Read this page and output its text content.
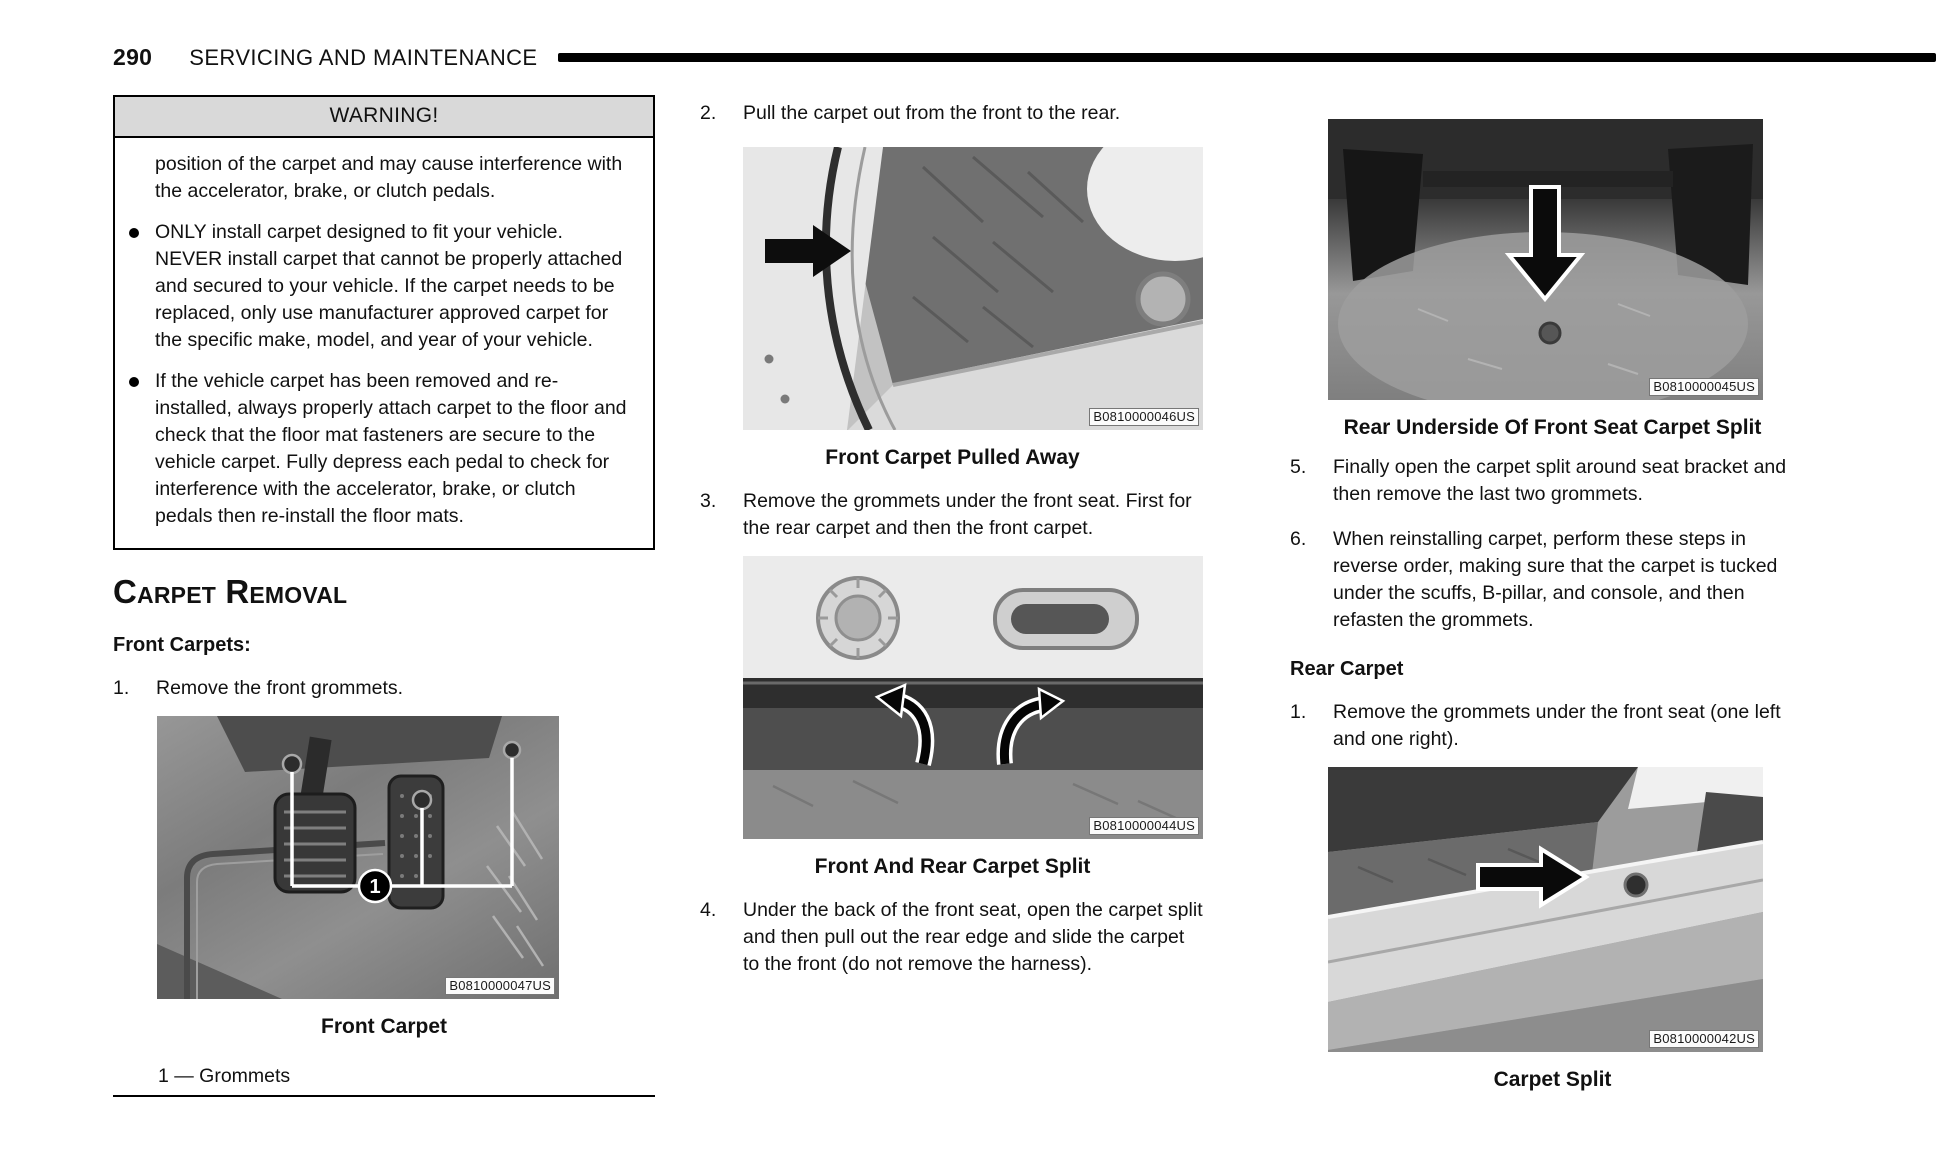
290 SERVICING AND MAINTENANCE
WARNING!

position of the carpet and may cause interference with the accelerator, brake, or clutch pedals.

ONLY install carpet designed to fit your vehicle. NEVER install carpet that cannot be properly attached and secured to your vehicle. If the carpet needs to be replaced, only use manufacturer approved carpet for the specific make, model, and year of your vehicle.
If the vehicle carpet has been removed and re-installed, always properly attach carpet to the floor and check that the floor mat fasteners are secure to the vehicle carpet. Fully depress each pedal to check for interference with the accelerator, brake, or clutch pedals then re-install the floor mats.
Carpet Removal
Front Carpets:
1.	Remove the front grommets.
1
B0810000047US
Front Carpet
1 — Grommets
2.	Pull the carpet out from the front to the rear.
B0810000046US
Front Carpet Pulled Away
3.	Remove the grommets under the front seat. First for the rear carpet and then the front carpet.
B0810000044US
Front And Rear Carpet Split
4.	Under the back of the front seat, open the carpet split and then pull out the rear edge and slide the carpet to the front (do not remove the harness).
B0810000045US
Rear Underside Of Front Seat Carpet Split
5.	Finally open the carpet split around seat bracket and then remove the last two grommets.
6.	When reinstalling carpet, perform these steps in reverse order, making sure that the carpet is tucked under the scuffs, B-pillar, and console, and then refasten the grommets.
Rear Carpet
1.	Remove the grommets under the front seat (one left and one right).
B0810000042US
Carpet Split
